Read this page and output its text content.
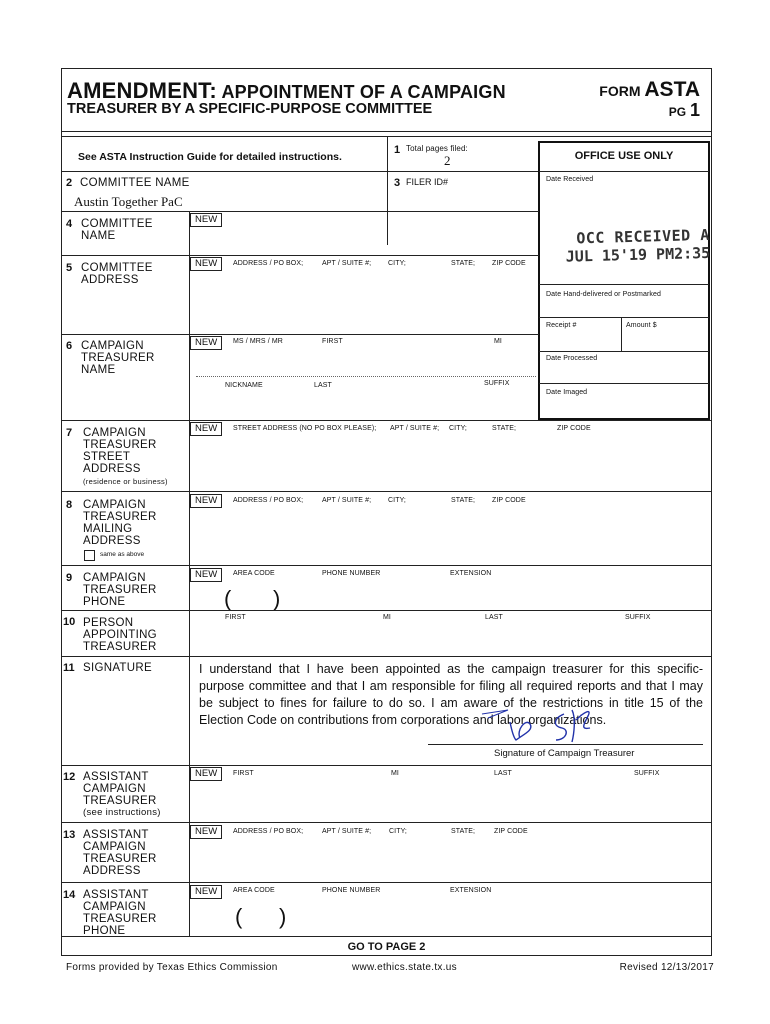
AMENDMENT: APPOINTMENT OF A CAMPAIGN
TREASURER BY A SPECIFIC-PURPOSE COMMITTEE
FORM ASTA
PG 1
See ASTA Instruction Guide for detailed instructions.
1 Total pages filed:
2
2 COMMITTEE NAME
Austin Together PaC
3 FILER ID#
OFFICE USE ONLY
Date Received
OCC RECEIVED A
JUL 15'19 PM2:35
Date Hand-delivered or Postmarked
Receipt #	Amount $
Date Processed
Date Imaged
4 COMMITTEE
NAME
NEW
5 COMMITTEE
ADDRESS
NEW	ADDRESS / PO BOX;	APT / SUITE #; CITY;	STATE; ZIP CODE
6 CAMPAIGN
TREASURER
NAME
NEW	MS / MRS / MR	FIRST	MI
NICKNAME	LAST	SUFFIX
7 CAMPAIGN
TREASURER
STREET
ADDRESS
(residence or business)
NEW	STREET ADDRESS (NO PO BOX PLEASE); APT / SUITE #; CITY;	STATE;	ZIP CODE
8 CAMPAIGN
TREASURER
MAILING
ADDRESS
same as above
NEW	ADDRESS / PO BOX;	APT / SUITE #; CITY;	STATE; ZIP CODE
9 CAMPAIGN
TREASURER
PHONE
NEW	AREA CODE	PHONE NUMBER	EXTENSION
( )
10 PERSON
APPOINTING
TREASURER
FIRST	MI	LAST	SUFFIX
11 SIGNATURE	I understand that I have been appointed as the campaign treasurer for this specific-purpose committee and that I am responsible for filing all required reports and that I may be subject to fines for failure to do so. I am aware of the restrictions in title 15 of the Election Code on contributions from corporations and labor organizations.
Signature of Campaign Treasurer
12 ASSISTANT
CAMPAIGN
TREASURER
(see instructions)
NEW	FIRST	MI	LAST	SUFFIX
13 ASSISTANT
CAMPAIGN
TREASURER
ADDRESS
NEW	ADDRESS / PO BOX;	APT / SUITE #;	CITY;	STATE;	ZIP CODE
14 ASSISTANT
CAMPAIGN
TREASURER
PHONE
NEW	AREA CODE	PHONE NUMBER	EXTENSION
( )
GO TO PAGE 2
Forms provided by Texas Ethics Commission	www.ethics.state.tx.us	Revised 12/13/2017
